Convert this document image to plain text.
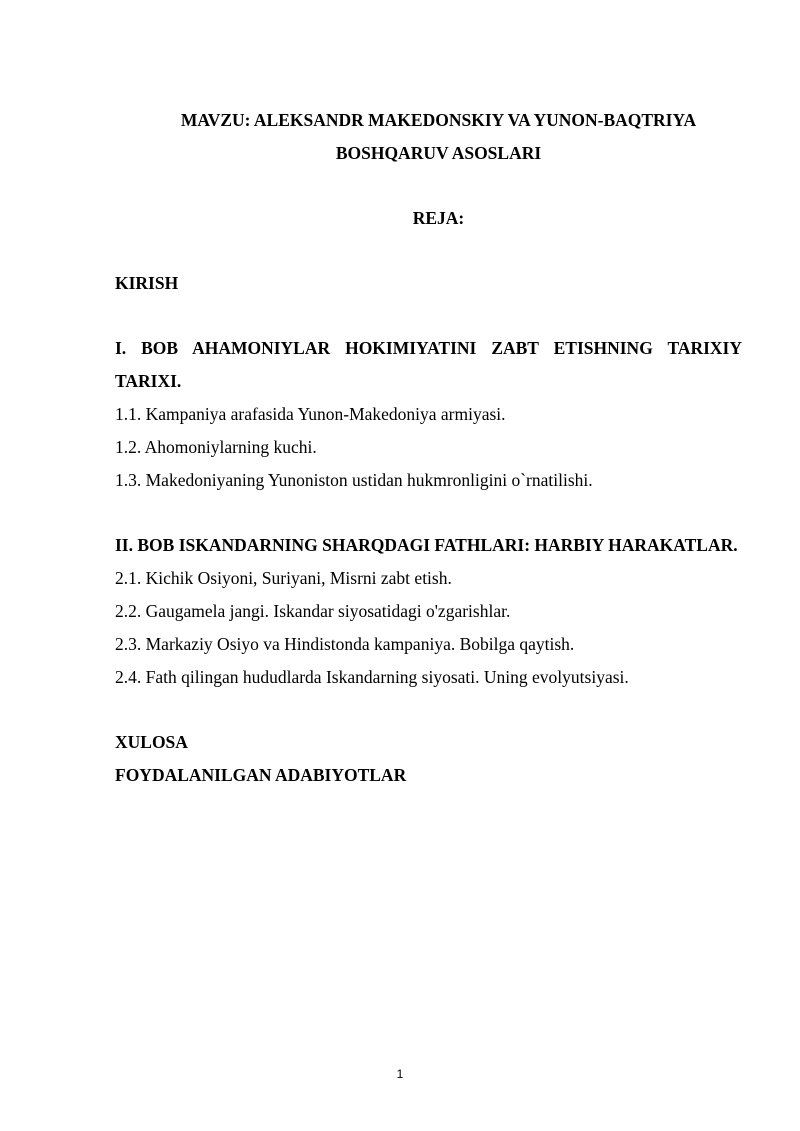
MAVZU: ALEKSANDR MAKEDONSKIY VA YUNON-BAQTRIYA

BOSHQARUV ASOSLARI

REJA:

KIRISH

I. BOB AHAMONIYLAR HOKIMIYATINI ZABT ETISHNING TARIXIY TARIXI.

1.1. Kampaniya arafasida Yunon-Makedoniya armiyasi.

1.2. Ahomoniylarning kuchi.

1.3. Makedoniyaning Yunoniston ustidan hukmronligini o`rnatilishi.

II. BOB ISKANDARNING SHARQDAGI FATHLARI: HARBIY HARAKATLAR.

2.1. Kichik Osiyoni, Suriyani, Misrni zabt etish.

2.2. Gaugamela jangi. Iskandar siyosatidagi o'zgarishlar.

2.3. Markaziy Osiyo va Hindistonda kampaniya. Bobilga qaytish.

2.4. Fath qilingan hududlarda Iskandarning siyosati. Uning evolyutsiyasi.

XULOSA

FOYDALANILGAN ADABIYOTLAR

1
